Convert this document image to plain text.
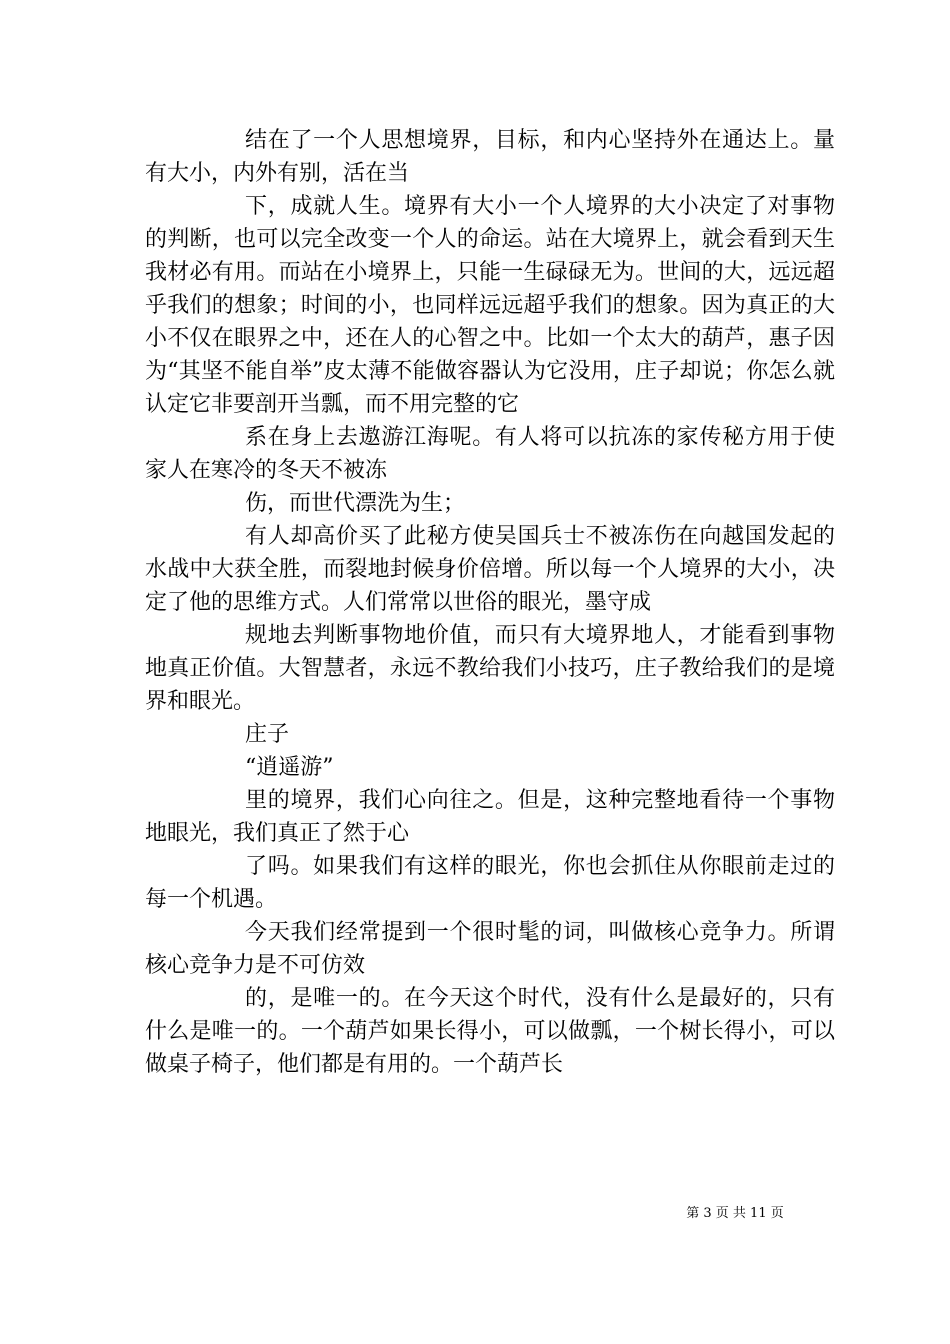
结在了一个人思想境界，目标，和内心坚持外在通达上。量有大小，内外有别，活在当

下，成就人生。境界有大小一个人境界的大小决定了对事物的判断，也可以完全改变一个人的命运。站在大境界上，就会看到天生我材必有用。而站在小境界上，只能一生碌碌无为。世间的大，远远超乎我们的想象；时间的小，也同样远远超乎我们的想象。因为真正的大小不仅在眼界之中，还在人的心智之中。比如一个太大的葫芦，惠子因为“其坚不能自举”皮太薄不能做容器认为它没用，庄子却说；你怎么就认定它非要剖开当瓢，而不用完整的它

系在身上去遨游江海呢。有人将可以抗冻的家传秘方用于使家人在寒冷的冬天不被冻

伤，而世代漂洗为生；

有人却高价买了此秘方使吴国兵士不被冻伤在向越国发起的水战中大获全胜，而裂地封候身价倍增。所以每一个人境界的大小，决定了他的思维方式。人们常常以世俗的眼光，墨守成

规地去判断事物地价值，而只有大境界地人，才能看到事物地真正价值。大智慧者，永远不教给我们小技巧，庄子教给我们的是境界和眼光。

庄子

“逍遥游”

里的境界，我们心向往之。但是，这种完整地看待一个事物地眼光，我们真正了然于心

了吗。如果我们有这样的眼光，你也会抓住从你眼前走过的每一个机遇。

今天我们经常提到一个很时髦的词，叫做核心竞争力。所谓核心竞争力是不可仿效

的，是唯一的。在今天这个时代，没有什么是最好的，只有什么是唯一的。一个葫芦如果长得小，可以做瓢，一个树长得小，可以做桌子椅子，他们都是有用的。一个葫芦长

第 3 页 共 11 页
